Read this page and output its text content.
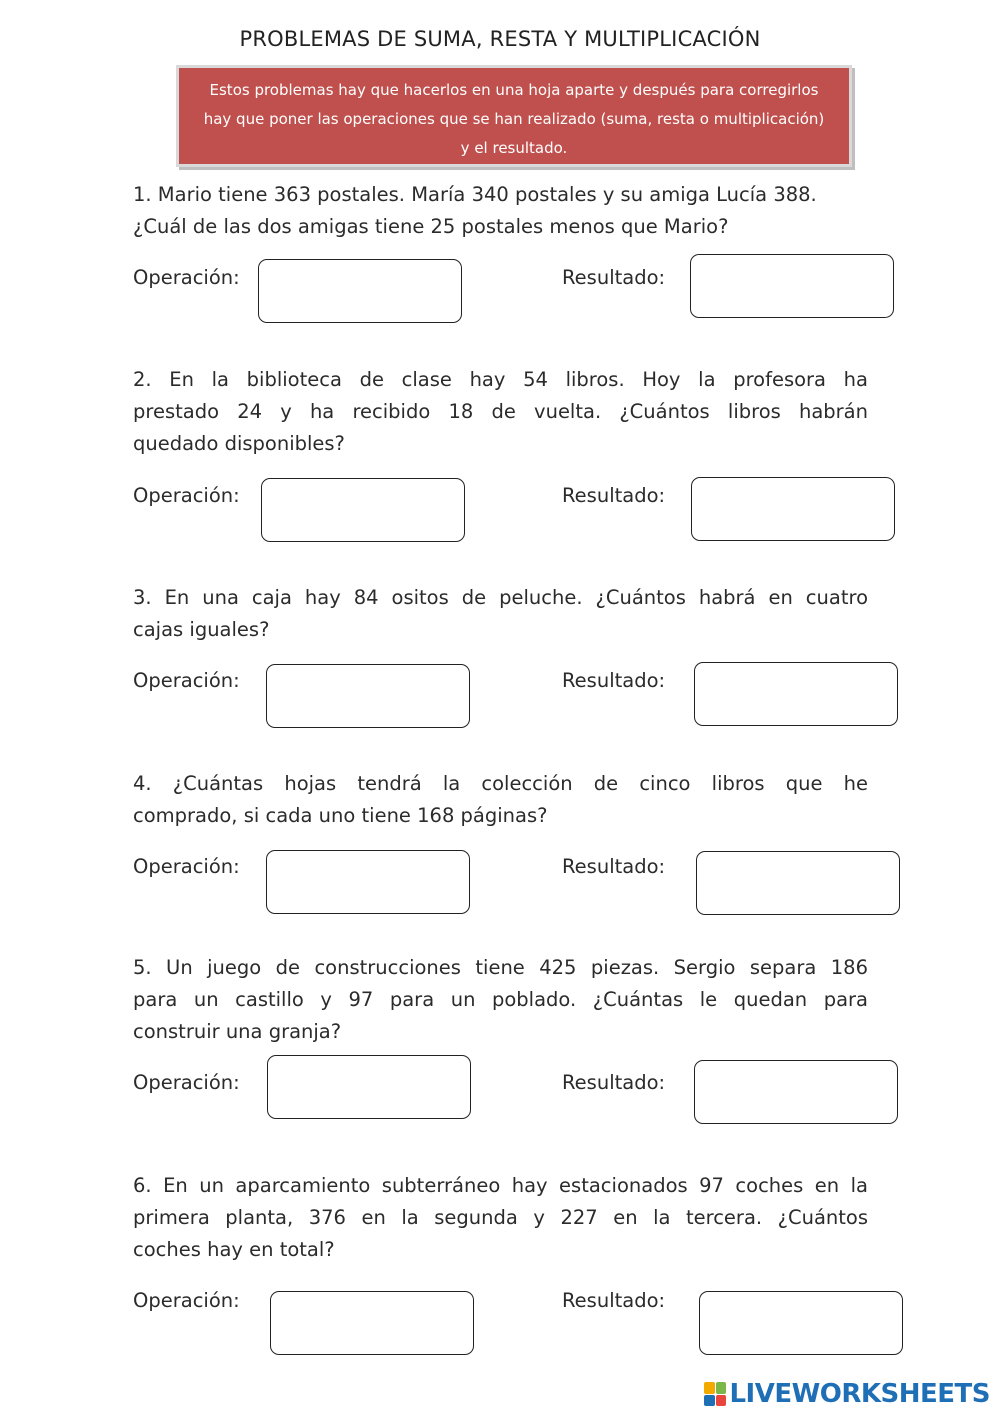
PROBLEMAS DE SUMA, RESTA Y MULTIPLICACIÓN
Estos problemas hay que hacerlos en una hoja aparte y después para corregirlos
hay que poner las operaciones que se han realizado (suma, resta o multiplicación)
y el resultado.
1. Mario tiene 363 postales. María 340 postales y su amiga Lucía 388.
¿Cuál de las dos amigas tiene 25 postales menos que Mario?
Operación:	Resultado:
2. En la biblioteca de clase hay 54 libros. Hoy la profesora ha
prestado 24 y ha recibido 18 de vuelta. ¿Cuántos libros habrán
quedado disponibles?
Operación:	Resultado:
3. En una caja hay 84 ositos de peluche. ¿Cuántos habrá en cuatro
cajas iguales?
Operación:	Resultado:
4. ¿Cuántas hojas tendrá la colección de cinco libros que he
comprado, si cada uno tiene 168 páginas?
Operación:	Resultado:
5. Un juego de construcciones tiene 425 piezas. Sergio separa 186
para un castillo y 97 para un poblado. ¿Cuántas le quedan para
construir una granja?
Operación:	Resultado:
6. En un aparcamiento subterráneo hay estacionados 97 coches en la
primera planta, 376 en la segunda y 227 en la tercera. ¿Cuántos
coches hay en total?
Operación:	Resultado:
LIVEWORKSHEETS
